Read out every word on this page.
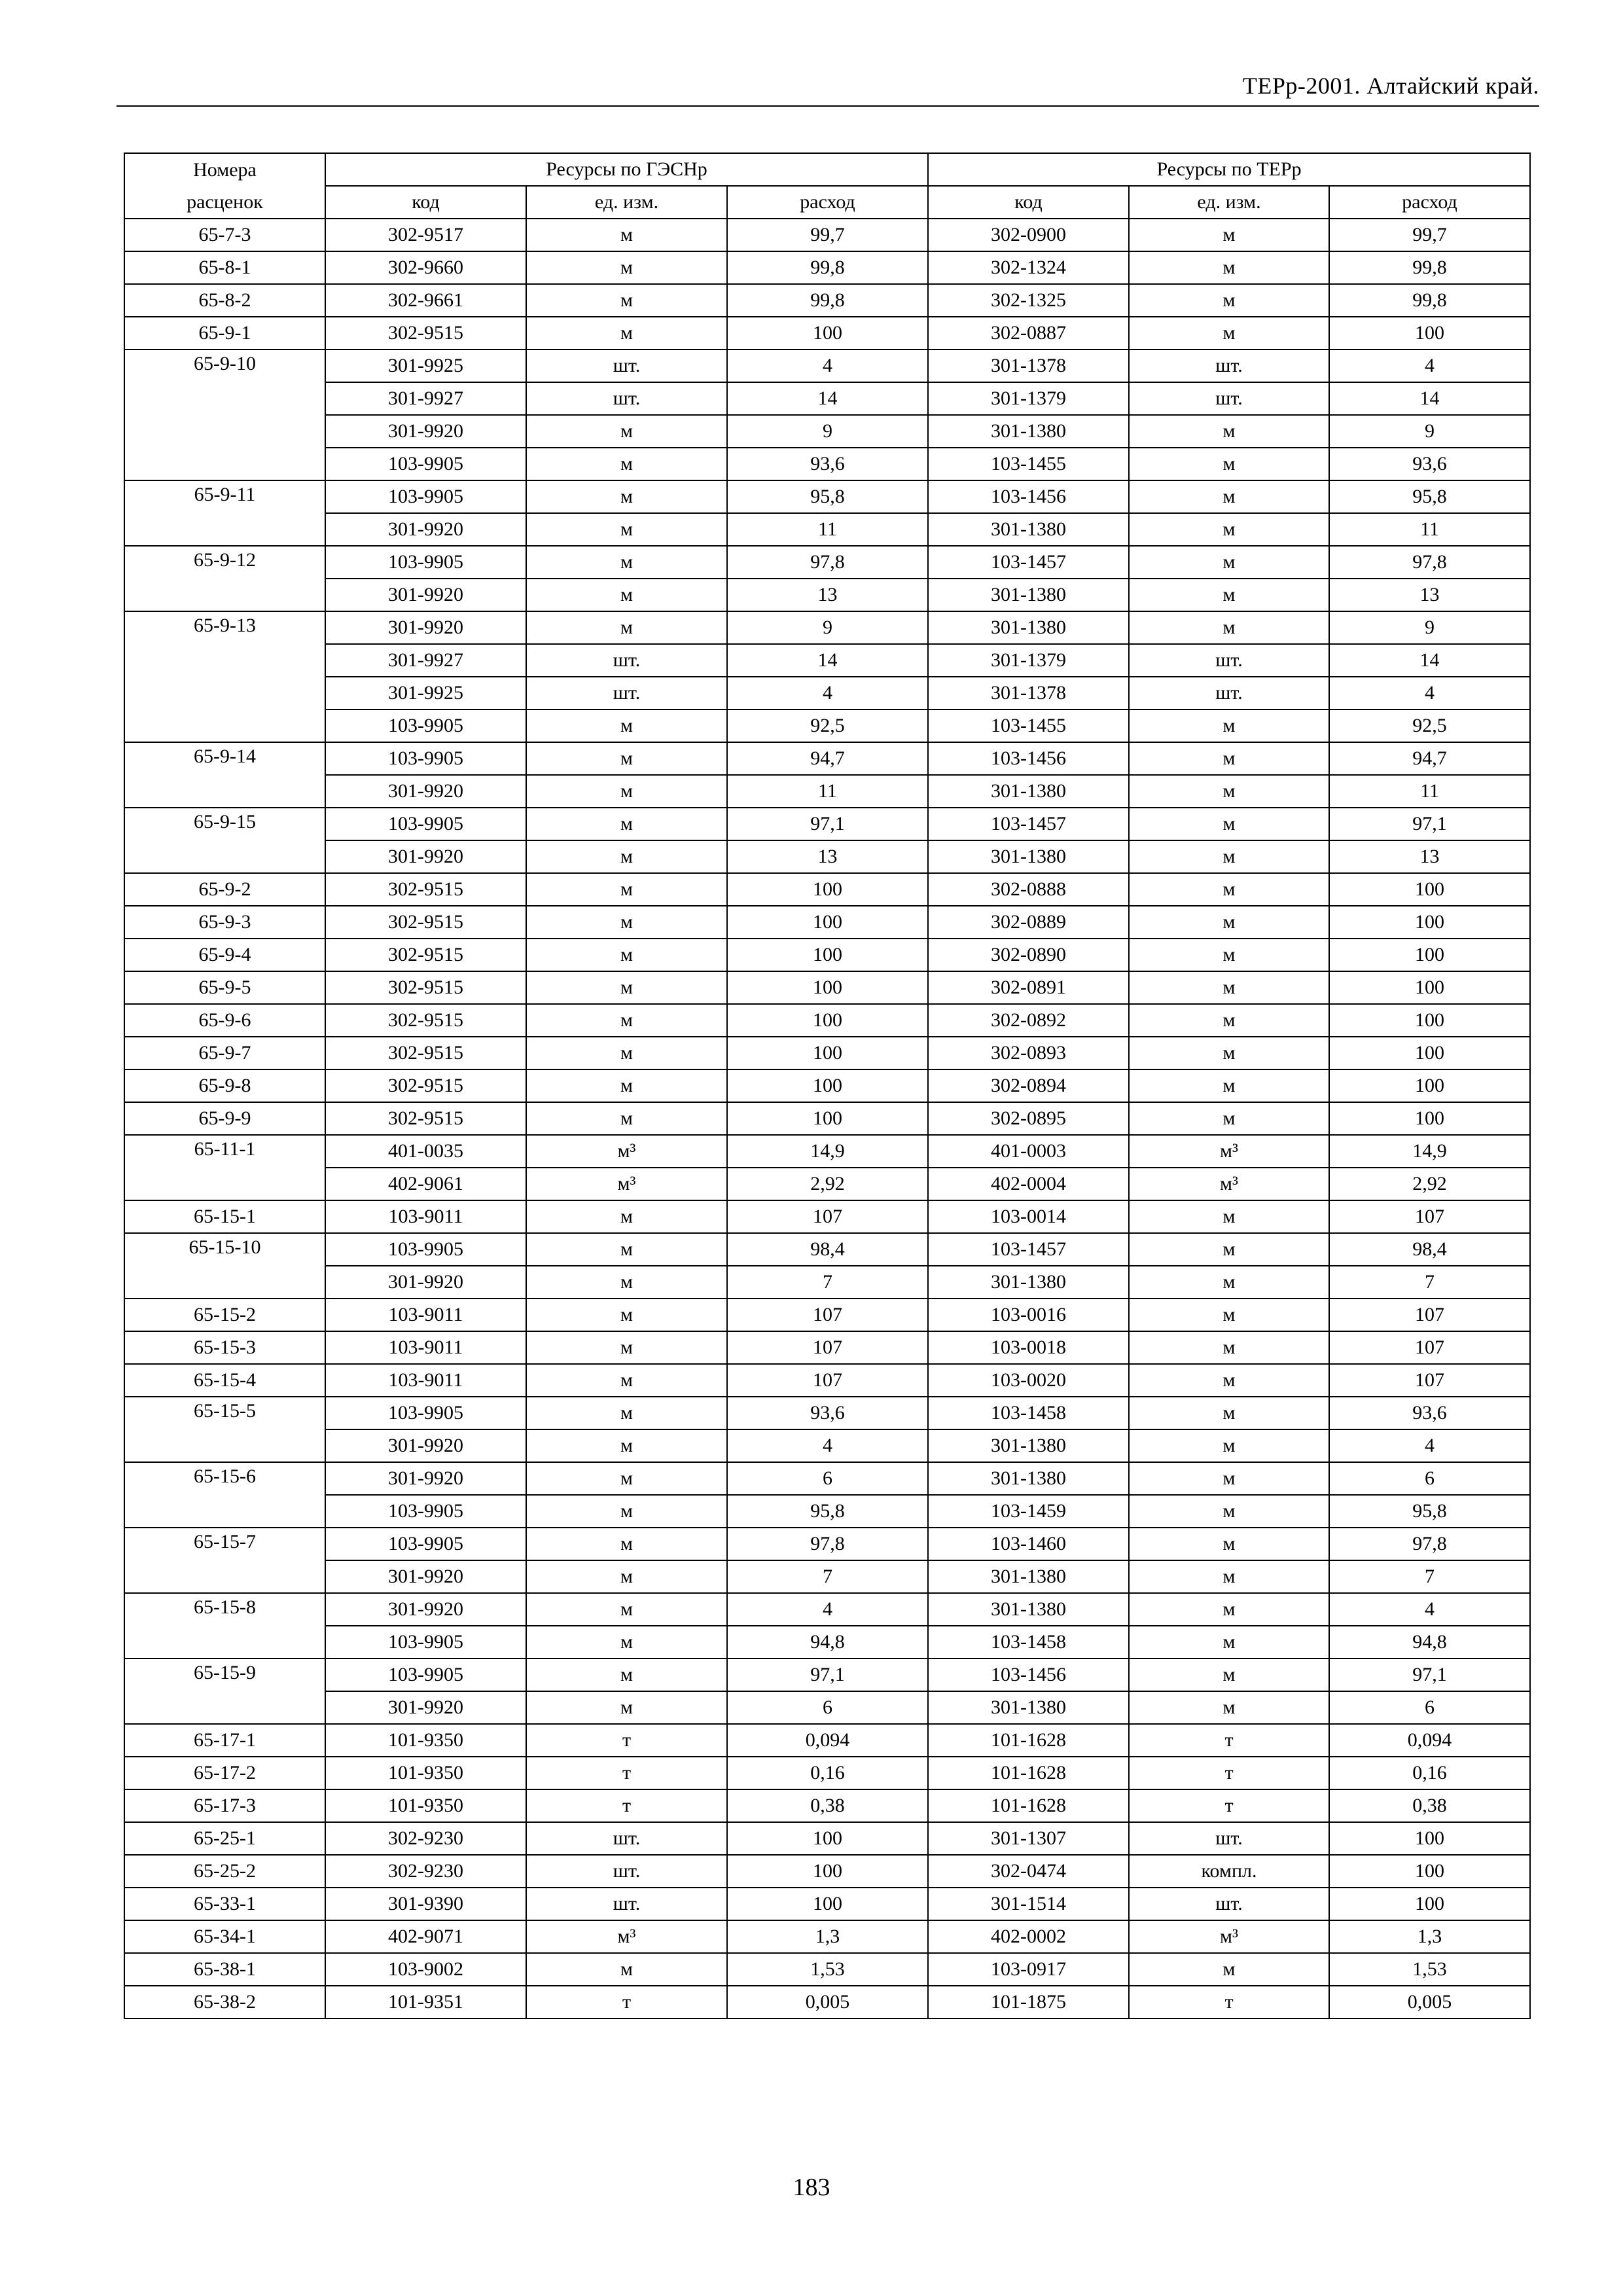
ТЕРр-2001. Алтайский край.
Номера	Ресурсы по ГЭСНр			Ресурсы по ТЕРр		
расценок	код	ед. изм.	расход	код	ед. изм.	расход
65-7-3	302-9517	м	99,7	302-0900	м	99,7
65-8-1	302-9660	м	99,8	302-1324	м	99,8
65-8-2	302-9661	м	99,8	302-1325	м	99,8
65-9-1	302-9515	м	100	302-0887	м	100
65-9-10	301-9925	шт.	4	301-1378	шт.	4
	301-9927	шт.	14	301-1379	шт.	14
	301-9920	м	9	301-1380	м	9
	103-9905	м	93,6	103-1455	м	93,6
65-9-11	103-9905	м	95,8	103-1456	м	95,8
	301-9920	м	11	301-1380	м	11
65-9-12	103-9905	м	97,8	103-1457	м	97,8
	301-9920	м	13	301-1380	м	13
65-9-13	301-9920	м	9	301-1380	м	9
	301-9927	шт.	14	301-1379	шт.	14
	301-9925	шт.	4	301-1378	шт.	4
	103-9905	м	92,5	103-1455	м	92,5
65-9-14	103-9905	м	94,7	103-1456	м	94,7
	301-9920	м	11	301-1380	м	11
65-9-15	103-9905	м	97,1	103-1457	м	97,1
	301-9920	м	13	301-1380	м	13
65-9-2	302-9515	м	100	302-0888	м	100
65-9-3	302-9515	м	100	302-0889	м	100
65-9-4	302-9515	м	100	302-0890	м	100
65-9-5	302-9515	м	100	302-0891	м	100
65-9-6	302-9515	м	100	302-0892	м	100
65-9-7	302-9515	м	100	302-0893	м	100
65-9-8	302-9515	м	100	302-0894	м	100
65-9-9	302-9515	м	100	302-0895	м	100
65-11-1	401-0035	м³	14,9	401-0003	м³	14,9
	402-9061	м³	2,92	402-0004	м³	2,92
65-15-1	103-9011	м	107	103-0014	м	107
65-15-10	103-9905	м	98,4	103-1457	м	98,4
	301-9920	м	7	301-1380	м	7
65-15-2	103-9011	м	107	103-0016	м	107
65-15-3	103-9011	м	107	103-0018	м	107
65-15-4	103-9011	м	107	103-0020	м	107
65-15-5	103-9905	м	93,6	103-1458	м	93,6
	301-9920	м	4	301-1380	м	4
65-15-6	301-9920	м	6	301-1380	м	6
	103-9905	м	95,8	103-1459	м	95,8
65-15-7	103-9905	м	97,8	103-1460	м	97,8
	301-9920	м	7	301-1380	м	7
65-15-8	301-9920	м	4	301-1380	м	4
	103-9905	м	94,8	103-1458	м	94,8
65-15-9	103-9905	м	97,1	103-1456	м	97,1
	301-9920	м	6	301-1380	м	6
65-17-1	101-9350	т	0,094	101-1628	т	0,094
65-17-2	101-9350	т	0,16	101-1628	т	0,16
65-17-3	101-9350	т	0,38	101-1628	т	0,38
65-25-1	302-9230	шт.	100	301-1307	шт.	100
65-25-2	302-9230	шт.	100	302-0474	компл.	100
65-33-1	301-9390	шт.	100	301-1514	шт.	100
65-34-1	402-9071	м³	1,3	402-0002	м³	1,3
65-38-1	103-9002	м	1,53	103-0917	м	1,53
65-38-2	101-9351	т	0,005	101-1875	т	0,005
183
